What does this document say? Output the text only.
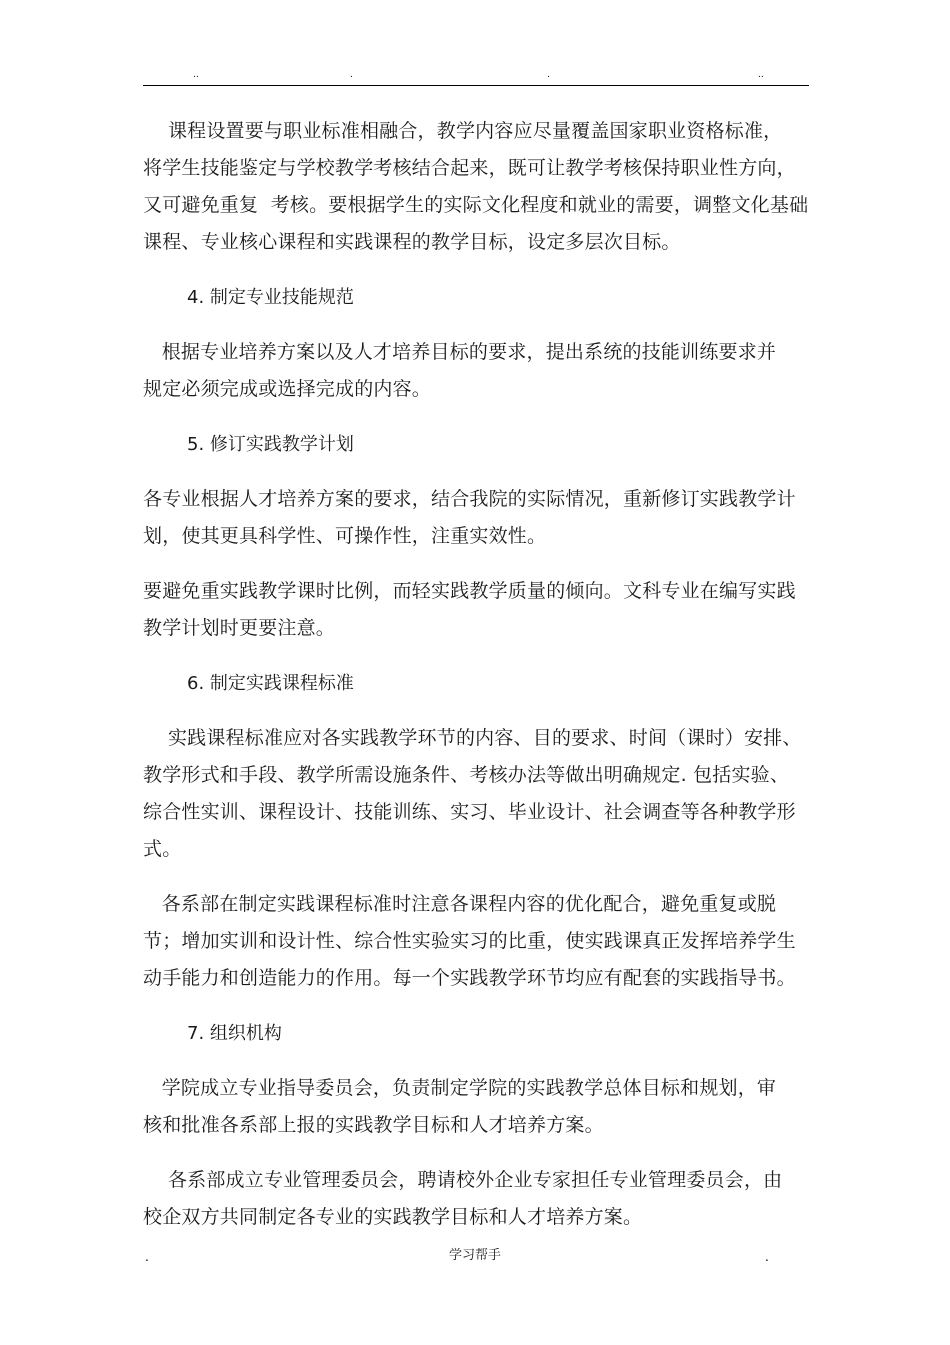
..	.	.	..

课程设置要与职业标准相融合，教学内容应尽量覆盖国家职业资格标准，

将学生技能鉴定与学校教学考核结合起来，既可让教学考核保持职业性方向，

又可避免重复  考核。要根据学生的实际文化程度和就业的需要，调整文化基础

课程、专业核心课程和实践课程的教学目标，设定多层次目标。

4. 制定专业技能规范

根据专业培养方案以及人才培养目标的要求，提出系统的技能训练要求并

规定必须完成或选择完成的内容。

5. 修订实践教学计划

各专业根据人才培养方案的要求，结合我院的实际情况，重新修订实践教学计

划，使其更具科学性、可操作性，注重实效性。

要避免重实践教学课时比例，而轻实践教学质量的倾向。文科专业在编写实践

教学计划时更要注意。

6. 制定实践课程标准

实践课程标准应对各实践教学环节的内容、目的要求、时间（课时）安排、

教学形式和手段、教学所需设施条件、考核办法等做出明确规定. 包括实验、

综合性实训、课程设计、技能训练、实习、毕业设计、社会调查等各种教学形

式。

各系部在制定实践课程标准时注意各课程内容的优化配合，避免重复或脱

节；增加实训和设计性、综合性实验实习的比重，使实践课真正发挥培养学生

动手能力和创造能力的作用。每一个实践教学环节均应有配套的实践指导书。

7. 组织机构

学院成立专业指导委员会，负责制定学院的实践教学总体目标和规划，审

核和批准各系部上报的实践教学目标和人才培养方案。

各系部成立专业管理委员会，聘请校外企业专家担任专业管理委员会，由

校企双方共同制定各专业的实践教学目标和人才培养方案。

.	学习帮手	.
